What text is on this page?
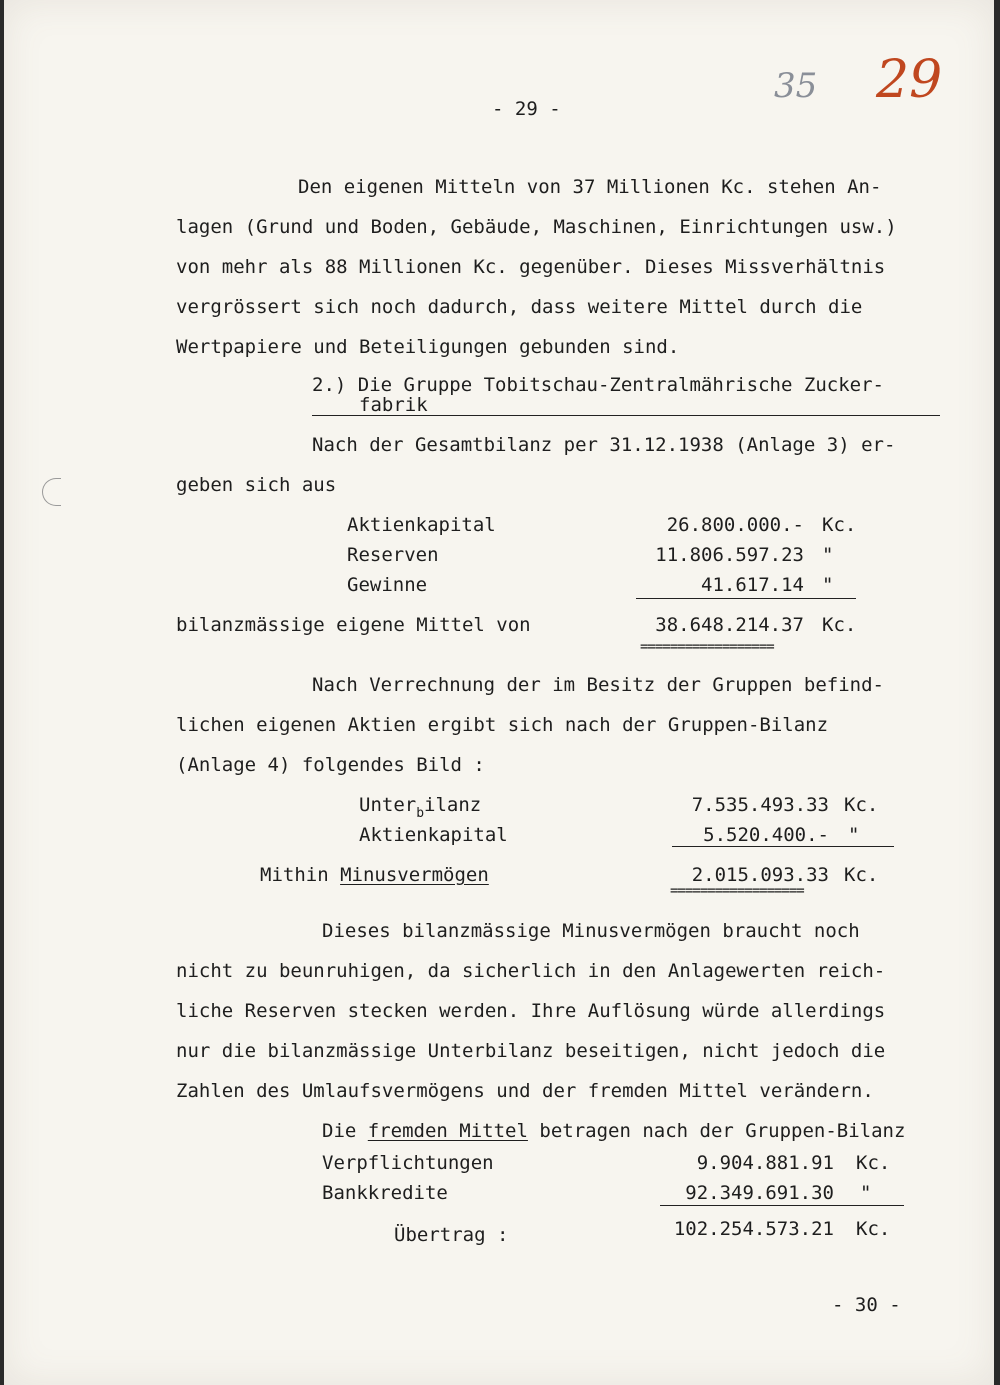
- 29 -
35 29
Den eigenen Mitteln von 37 Millionen Kc. stehen An-
lagen (Grund und Boden, Gebäude, Maschinen, Einrichtungen usw.)
von mehr als 88 Millionen Kc. gegenüber. Dieses Missverhältnis
vergrössert sich noch dadurch, dass weitere Mittel durch die
Wertpapiere und Beteiligungen gebunden sind.
2.) Die Gruppe Tobitschau-Zentralmährische Zucker-
fabrik
Nach der Gesamtbilanz per 31.12.1938 (Anlage 3) er-
geben sich aus
Aktienkapital	26.800.000.- Kc.
Reserven	11.806.597.23 "
Gewinne	41.617.14 "
bilanzmässige eigene Mittel von	38.648.214.37 Kc.
==================
Nach Verrechnung der im Besitz der Gruppen befind-
lichen eigenen Aktien ergibt sich nach der Gruppen-Bilanz
(Anlage 4) folgendes Bild :
Unter$_b$ilanz	7.535.493.33 Kc.
Aktienkapital	5.520.400.- "
Mithin Minusvermögen	2.015.093.33 Kc.
==================
Dieses bilanzmässige Minusvermögen braucht noch
nicht zu beunruhigen, da sicherlich in den Anlagewerten reich-
liche Reserven stecken werden. Ihre Auflösung würde allerdings
nur die bilanzmässige Unterbilanz beseitigen, nicht jedoch die
Zahlen des Umlaufsvermögens und der fremden Mittel verändern.
Die fremden Mittel betragen nach der Gruppen-Bilanz
Verpflichtungen	9.904.881.91 Kc.
Bankkredite	92.349.691.30 "
Übertrag :	102.254.573.21 Kc.
- 30 -
